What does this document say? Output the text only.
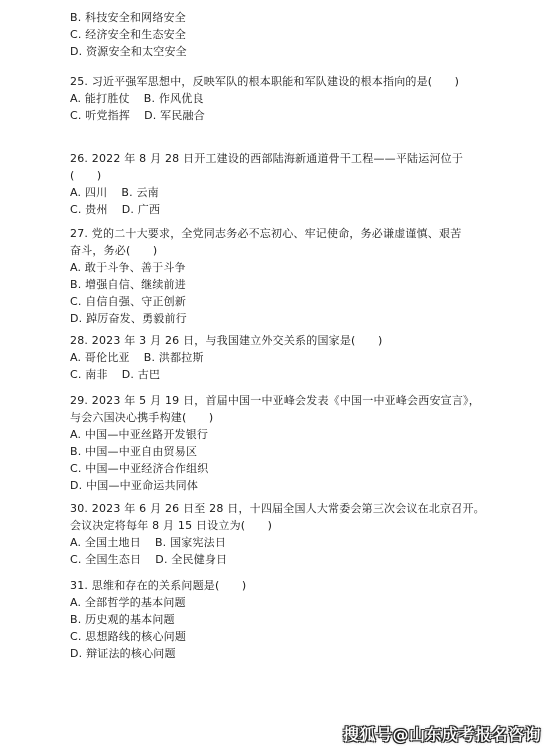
B. 科技安全和网络安全
C. 经济安全和生态安全
D. 资源安全和太空安全
25. 习近平强军思想中，反映军队的根本职能和军队建设的根本指向的是(　　)
A. 能打胜仗 B. 作风优良
C. 听党指挥 D. 军民融合
26. 2022 年 8 月 28 日开工建设的西部陆海新通道骨干工程——平陆运河位于
(　　)
A. 四川 B. 云南
C. 贵州 D. 广西
27. 党的二十大要求，全党同志务必不忘初心、牢记使命，务必谦虚谨慎、艰苦
奋斗，务必(　　)
A. 敢于斗争、善于斗争
B. 增强自信、继续前进
C. 自信自强、守正创新
D. 踔厉奋发、勇毅前行
28. 2023 年 3 月 26 日，与我国建立外交关系的国家是(　　)
A. 哥伦比亚 B. 洪都拉斯
C. 南非 D. 古巴
29. 2023 年 5 月 19 日，首届中国一中亚峰会发表《中国一中亚峰会西安宣言》，
与会六国决心携手构建(　　)
A. 中国—中亚丝路开发银行
B. 中国—中亚自由贸易区
C. 中国—中亚经济合作组织
D. 中国—中亚命运共同体
30. 2023 年 6 月 26 日至 28 日，十四届全国人大常委会第三次会议在北京召开。
会议决定将每年 8 月 15 日设立为(　　)
A. 全国土地日 B. 国家宪法日
C. 全国生态日 D. 全民健身日
31. 思维和存在的关系问题是(　　)
A. 全部哲学的基本问题
B. 历史观的基本问题
C. 思想路线的核心问题
D. 辩证法的核心问题
搜狐号@山东成考报名咨询
